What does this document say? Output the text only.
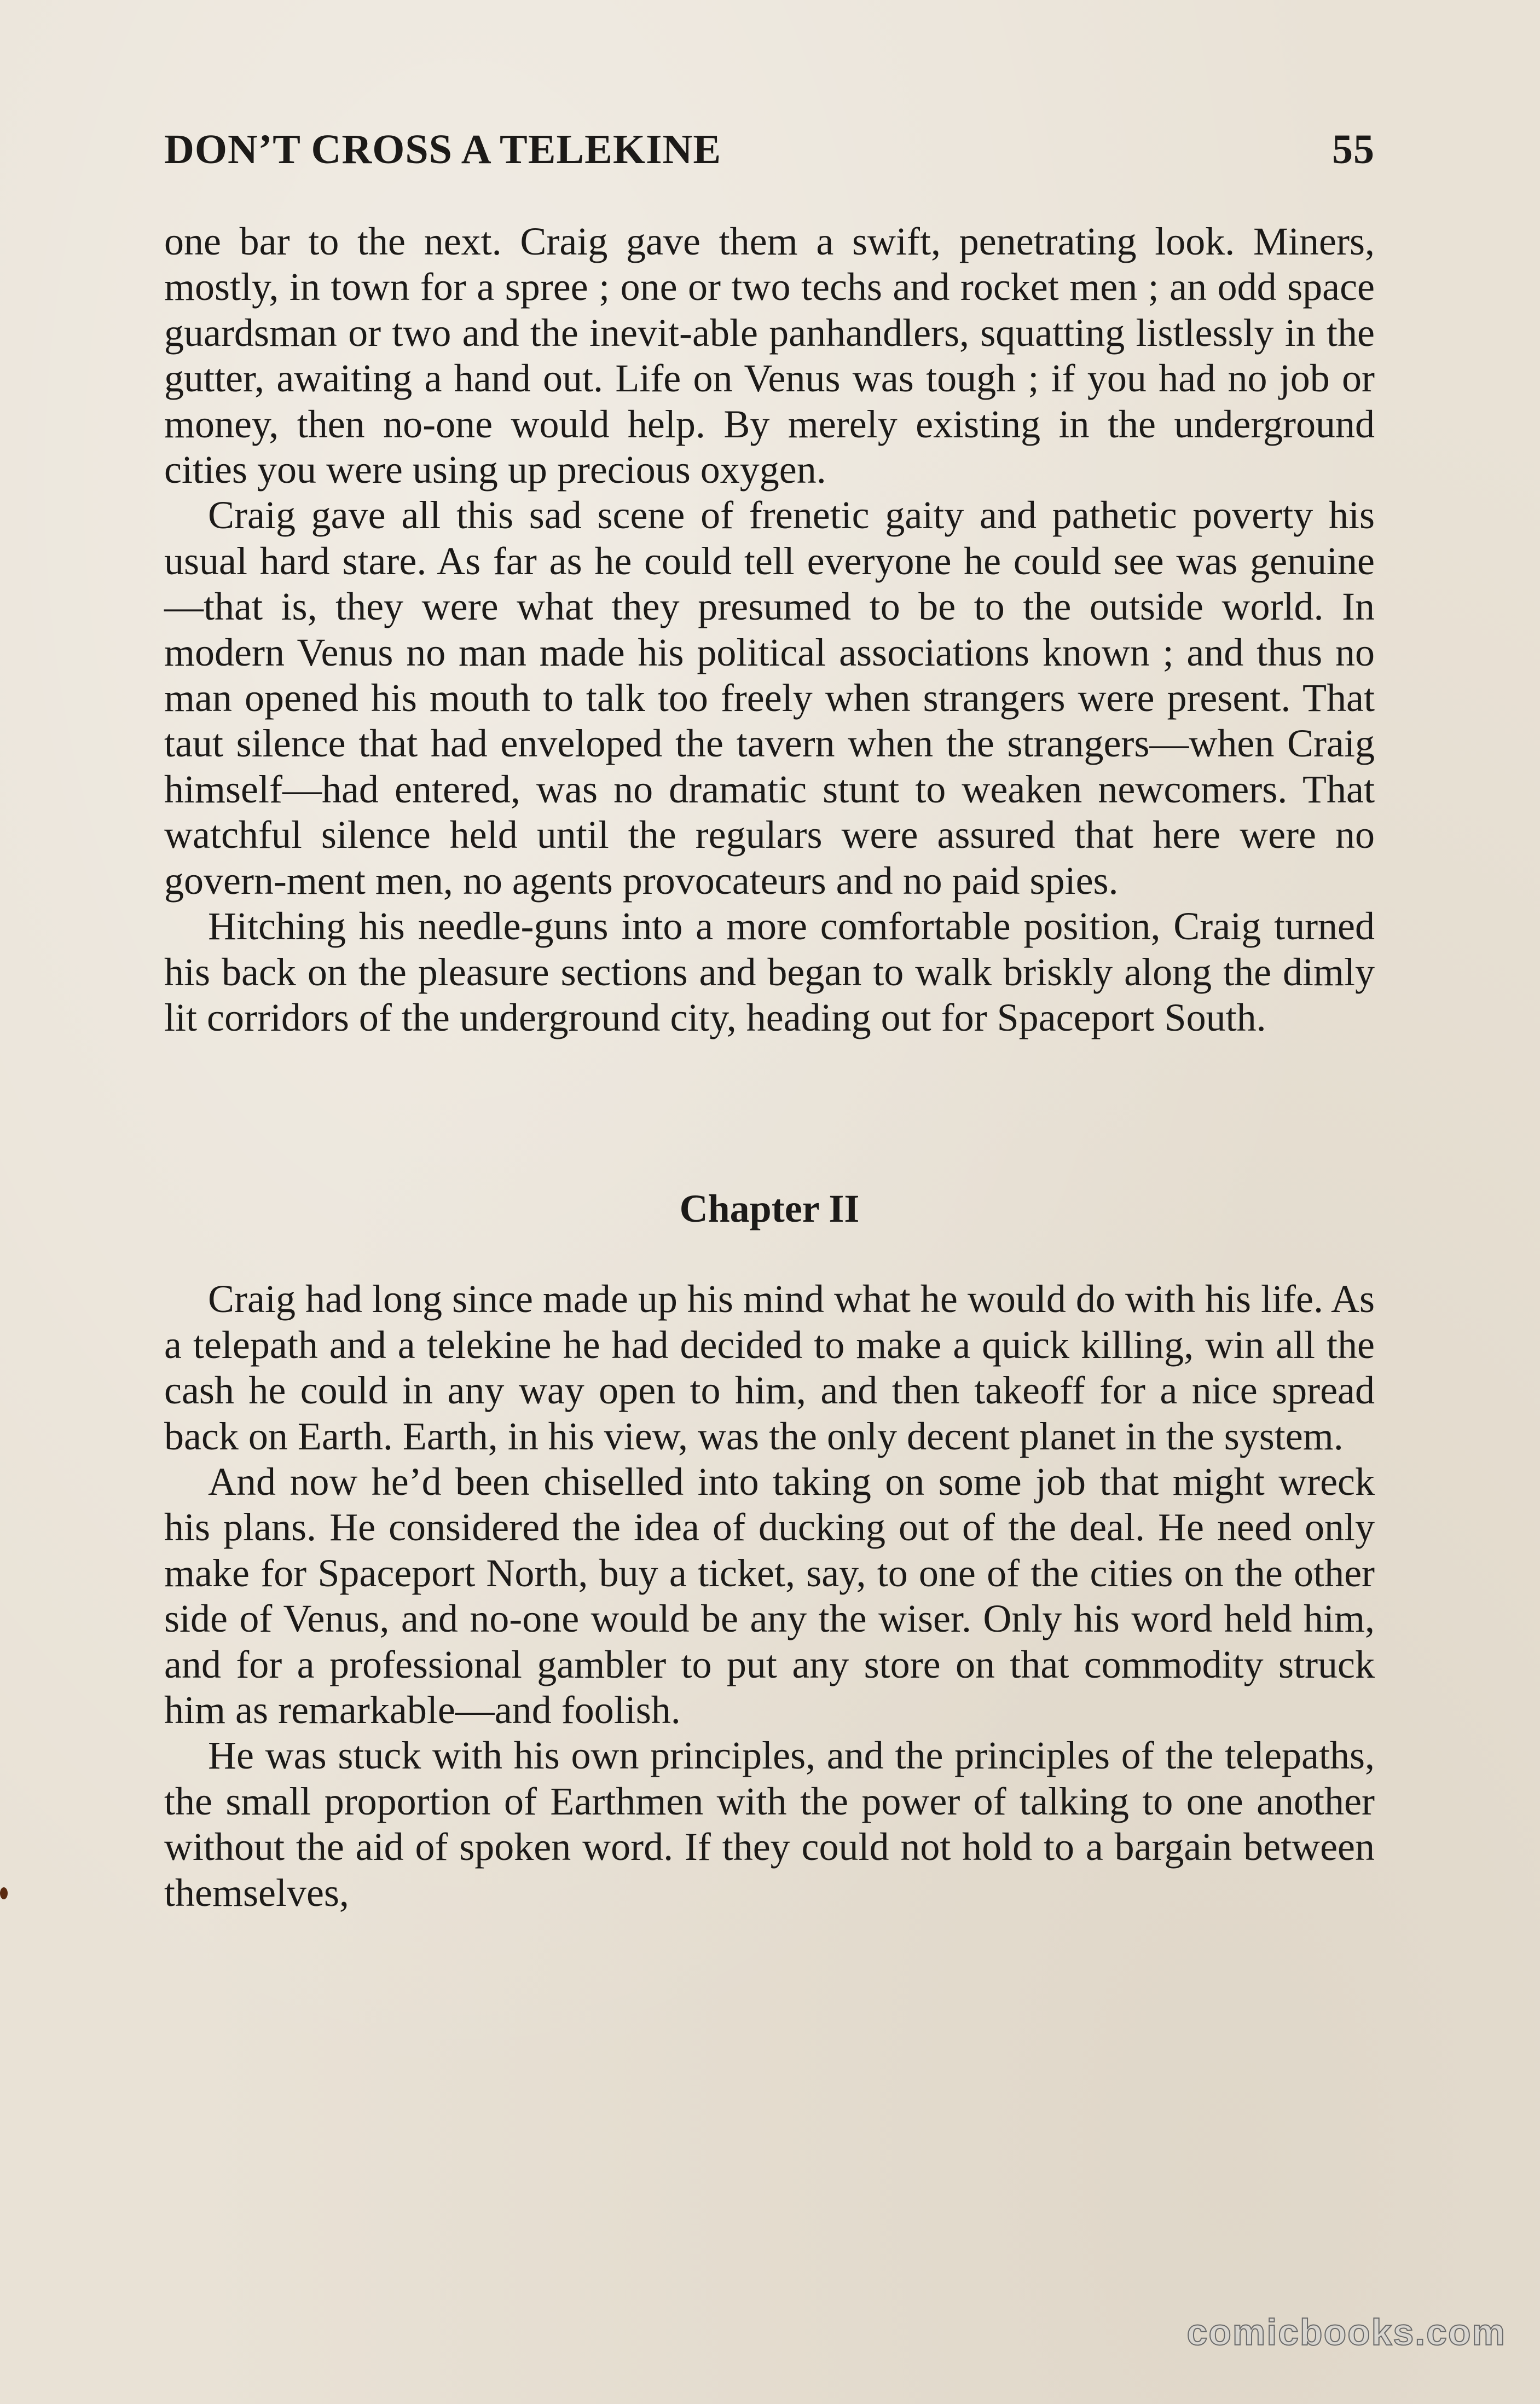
DON’T CROSS A TELEKINE	55

one bar to the next. Craig gave them a swift, penetrating look. Miners, mostly, in town for a spree ; one or two techs and rocket men ; an odd space guardsman or two and the inevit-able panhandlers, squatting listlessly in the gutter, awaiting a hand out. Life on Venus was tough ; if you had no job or money, then no-one would help. By merely existing in the underground cities you were using up precious oxygen.

Craig gave all this sad scene of frenetic gaity and pathetic poverty his usual hard stare. As far as he could tell everyone he could see was genuine—that is, they were what they presumed to be to the outside world. In modern Venus no man made his political associations known ; and thus no man opened his mouth to talk too freely when strangers were present. That taut silence that had enveloped the tavern when the strangers—when Craig himself—had entered, was no dramatic stunt to weaken newcomers. That watchful silence held until the regulars were assured that here were no govern-ment men, no agents provocateurs and no paid spies.

Hitching his needle-guns into a more comfortable position, Craig turned his back on the pleasure sections and began to walk briskly along the dimly lit corridors of the underground city, heading out for Spaceport South.

Chapter II

Craig had long since made up his mind what he would do with his life. As a telepath and a telekine he had decided to make a quick killing, win all the cash he could in any way open to him, and then takeoff for a nice spread back on Earth. Earth, in his view, was the only decent planet in the system.

And now he’d been chiselled into taking on some job that might wreck his plans. He considered the idea of ducking out of the deal. He need only make for Spaceport North, buy a ticket, say, to one of the cities on the other side of Venus, and no-one would be any the wiser. Only his word held him, and for a professional gambler to put any store on that commodity struck him as remarkable—and foolish.

He was stuck with his own principles, and the principles of the telepaths, the small proportion of Earthmen with the power of talking to one another without the aid of spoken word. If they could not hold to a bargain between themselves,

comicbooks.com
